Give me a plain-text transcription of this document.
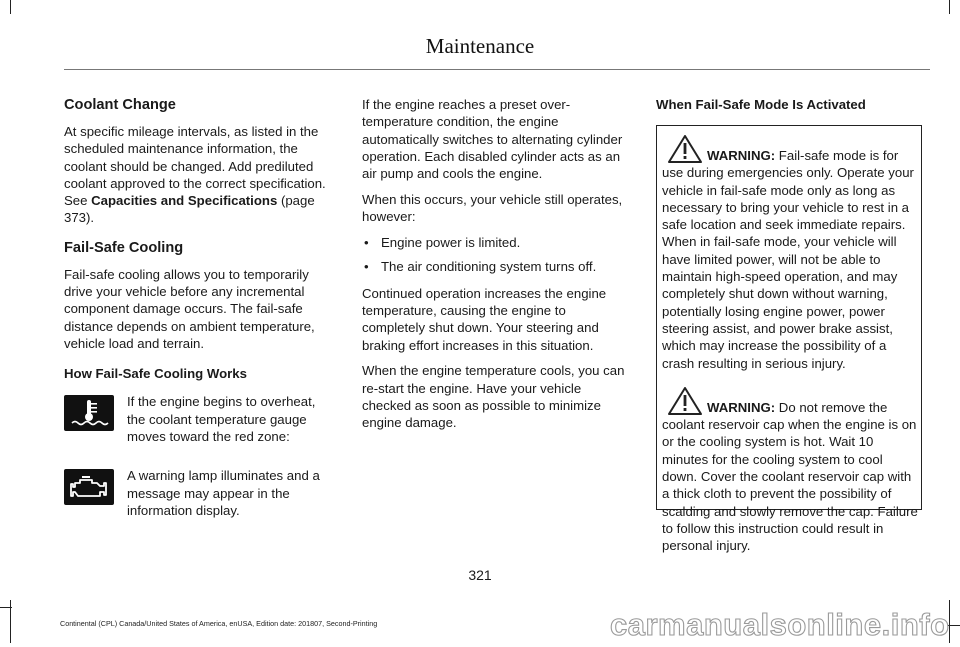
Maintenance
Coolant Change

At specific mileage intervals, as listed in the scheduled maintenance information, the coolant should be changed. Add prediluted coolant approved to the correct specification. See Capacities and Specifications (page 373).

Fail-Safe Cooling

Fail-safe cooling allows you to temporarily drive your vehicle before any incremental component damage occurs. The fail-safe distance depends on ambient temperature, vehicle load and terrain.

How Fail-Safe Cooling Works
If the engine begins to overheat, the coolant temperature gauge moves toward the red zone:
A warning lamp illuminates and a message may appear in the information display.

If the engine reaches a preset over-temperature condition, the engine automatically switches to alternating cylinder operation. Each disabled cylinder acts as an air pump and cools the engine.

When this occurs, your vehicle still operates, however:

• Engine power is limited.
• The air conditioning system turns off.

Continued operation increases the engine temperature, causing the engine to completely shut down. Your steering and braking effort increases in this situation.

When the engine temperature cools, you can re-start the engine. Have your vehicle checked as soon as possible to minimize engine damage.

When Fail-Safe Mode Is Activated

WARNING: Fail-safe mode is for use during emergencies only. Operate your vehicle in fail-safe mode only as long as necessary to bring your vehicle to rest in a safe location and seek immediate repairs. When in fail-safe mode, your vehicle will have limited power, will not be able to maintain high-speed operation, and may completely shut down without warning, potentially losing engine power, power steering assist, and power brake assist, which may increase the possibility of a crash resulting in serious injury.

WARNING: Do not remove the coolant reservoir cap when the engine is on or the cooling system is hot. Wait 10 minutes for the cooling system to cool down. Cover the coolant reservoir cap with a thick cloth to prevent the possibility of scalding and slowly remove the cap. Failure to follow this instruction could result in personal injury.

321
Continental (CPL) Canada/United States of America, enUSA, Edition date: 201807, Second-Printing	carmanualsonline.info
